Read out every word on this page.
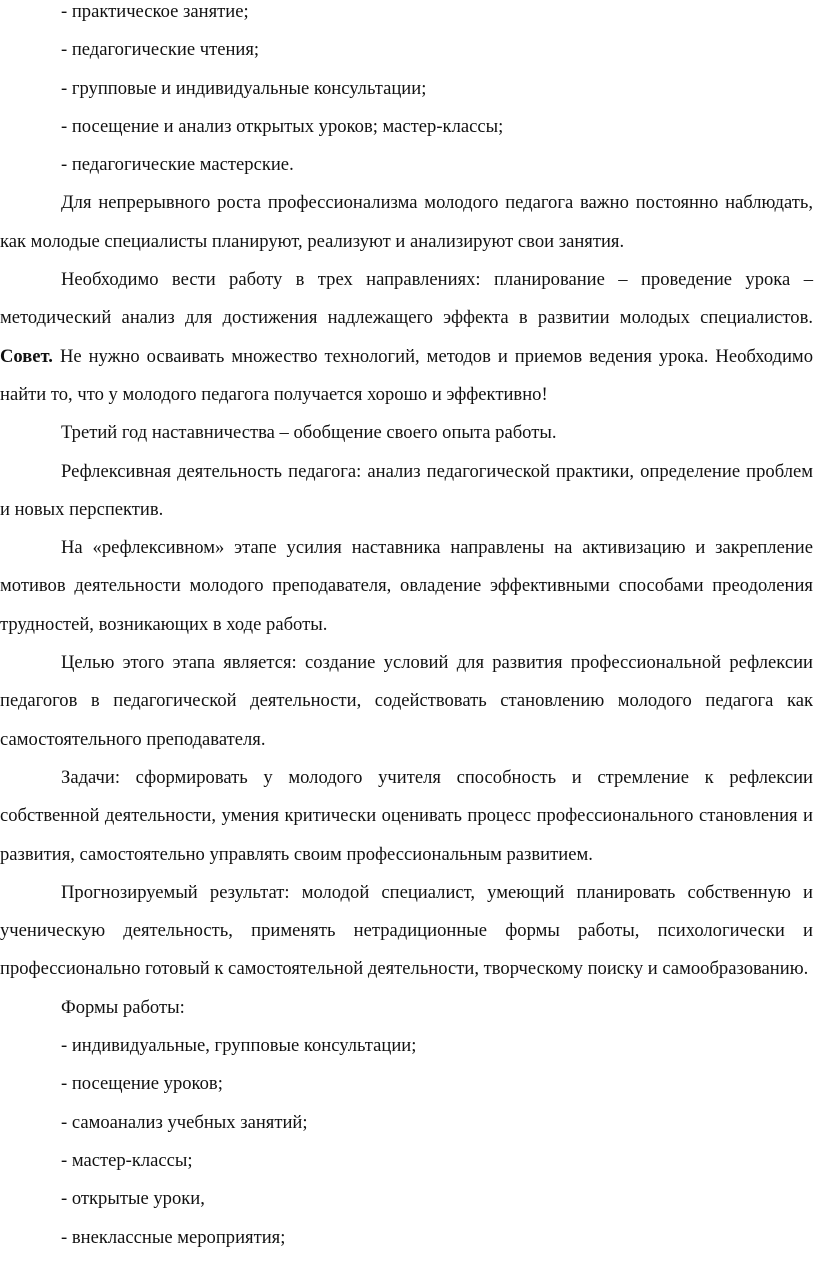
- практическое занятие;

- педагогические чтения;

- групповые и индивидуальные консультации;

- посещение и анализ открытых уроков; мастер-классы;

- педагогические мастерские.

Для непрерывного роста профессионализма молодого педагога важно постоянно наблюдать, как молодые специалисты планируют, реализуют и анализируют свои занятия.

Необходимо вести работу в трех направлениях: планирование – проведение урока – методический анализ для достижения надлежащего эффекта в развитии молодых специалистов. Совет. Не нужно осваивать множество технологий, методов и приемов ведения урока. Необходимо найти то, что у молодого педагога получается хорошо и эффективно!

Третий год наставничества – обобщение своего опыта работы.

Рефлексивная деятельность педагога: анализ педагогической практики, определение проблем и новых перспектив.

На «рефлексивном» этапе усилия наставника направлены на активизацию и закрепление мотивов деятельности молодого преподавателя, овладение эффективными способами преодоления трудностей, возникающих в ходе работы.

Целью этого этапа является: создание условий для развития профессиональной рефлексии педагогов в педагогической деятельности, содействовать становлению молодого педагога как самостоятельного преподавателя.

Задачи: сформировать у молодого учителя способность и стремление к рефлексии собственной деятельности, умения критически оценивать процесс профессионального становления и развития, самостоятельно управлять своим профессиональным развитием.

Прогнозируемый результат: молодой специалист, умеющий планировать собственную и ученическую деятельность, применять нетрадиционные формы работы, психологически и профессионально готовый к самостоятельной деятельности, творческому поиску и самообразованию.

Формы работы:

- индивидуальные, групповые консультации;

- посещение уроков;

- самоанализ учебных занятий;

- мастер-классы;

- открытые уроки,

- внеклассные мероприятия;
